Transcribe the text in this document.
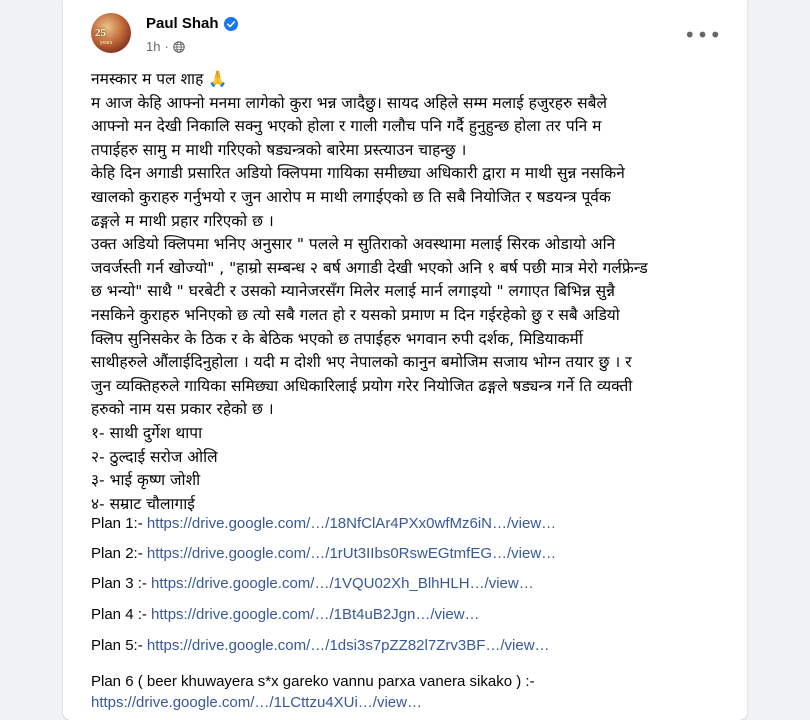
25
years
Paul Shah
1h ·	•••
नमस्कार म पल शाह 🙏
म आज केहि आफ्नो मनमा लागेको कुरा भन्न जादैछु। सायद अहिले सम्म मलाई हजुरहरु सबैले
आफ्नो मन देखी निकालि सक्नु भएको होला र गाली गलौच पनि गर्दै हुनुहुन्छ होला तर पनि म
तपाईहरु सामु म माथी गरिएको षड्यन्त्रको बारेमा प्रस्त्याउन चाहन्छु ।
केहि दिन अगाडी प्रसारित अडियो क्लिपमा गायिका समीछ्या अधिकारी द्वारा म माथी सुन्न नसकिने
खालको कुराहरु गर्नुभयो र जुन आरोप म माथी लगाईएको छ ति सबै नियोजित र षडयन्त्र पूर्वक
ढङ्गले म माथी प्रहार गरिएको छ ।
उक्त अडियो क्लिपमा भनिए अनुसार " पलले म सुतिराको अवस्थामा मलाई सिरक ओडायो अनि
जवर्जस्ती गर्न खोज्यो" , "हाम्रो सम्बन्ध २ बर्ष अगाडी देखी भएको अनि १ बर्ष पछी मात्र मेरो गर्लफ्रेन्ड
छ भन्यो" साथै " घरबेटी र उसको म्यानेजरसँग मिलेर मलाई मार्न लगाइयो " लगाएत बिभिन्न सुन्नै
नसकिने कुराहरु भनिएको छ त्यो सबै गलत हो र यसको प्रमाण म दिन गईरहेको छु र सबै अडियो
क्लिप सुनिसकेर के ठिक र के बेठिक भएको छ तपाईहरु भगवान रुपी दर्शक, मिडियाकर्मी
साथीहरुले औंलाईदिनुहोला । यदी म दोशी भए नेपालको कानुन बमोजिम सजाय भोग्न तयार छु । र
जुन व्यक्तिहरुले गायिका समिछ्या अधिकारिलाई प्रयोग गरेर नियोजित ढङ्गले षड्यन्त्र गर्ने ति व्यक्ती
हरुको नाम यस प्रकार रहेको छ ।
१- साथी दुर्गेश थापा
२- ठुल्दाई सरोज ओलि
३- भाई कृष्ण जोशी
४- सम्राट चौलागाई
Plan 1:- https://drive.google.com/…/18NfClAr4PXx0wfMz6iN…/view…
Plan 2:- https://drive.google.com/…/1rUt3IIbs0RswEGtmfEG…/view…
Plan 3 :- https://drive.google.com/…/1VQU02Xh_BlhHLH…/view…
Plan 4 :- https://drive.google.com/…/1Bt4uB2Jgn…/view…
Plan 5:- https://drive.google.com/…/1dsi3s7pZZ82l7Zrv3BF…/view…
Plan 6 ( beer khuwayera s*x gareko vannu parxa vanera sikako ) :-
https://drive.google.com/…/1LCttzu4XUi…/view…
